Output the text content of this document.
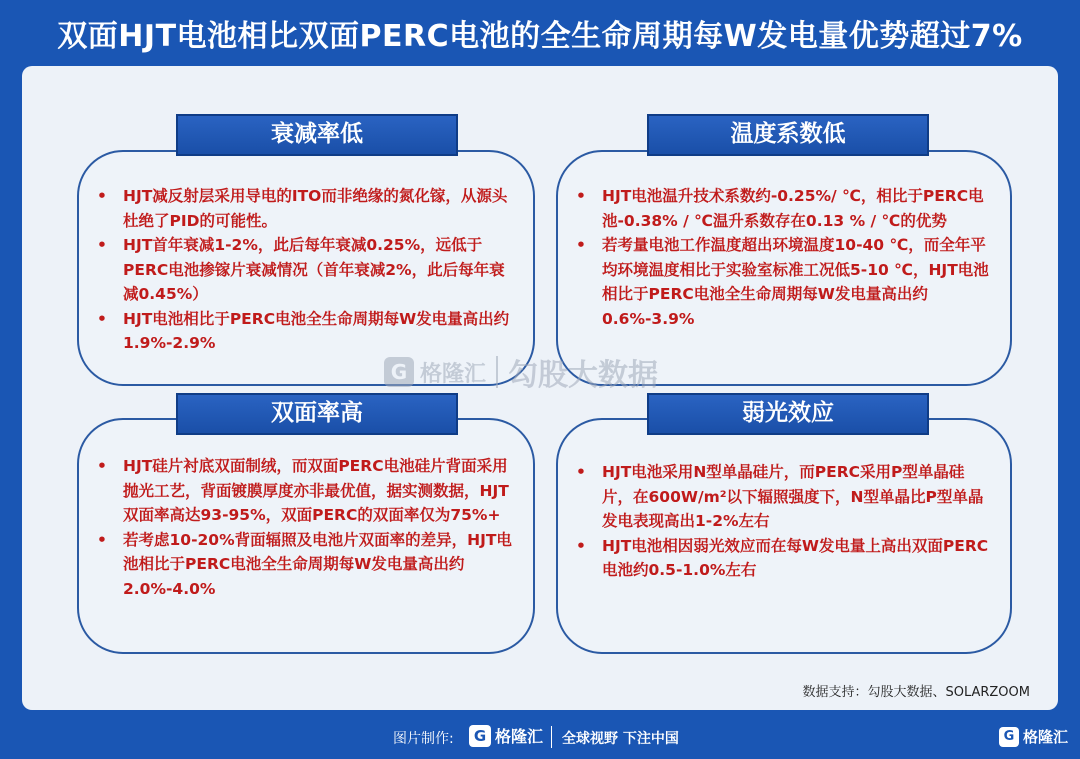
双面HJT电池相比双面PERC电池的全生命周期每W发电量优势超过7%
• HJT减反射层采用导电的ITO而非绝缘的氮化镓，从源头杜绝了PID的可能性。
• HJT首年衰减1-2%，此后每年衰减0.25%，远低于PERC电池掺镓片衰减情况（首年衰减2%，此后每年衰减0.45%）
• HJT电池相比于PERC电池全生命周期每W发电量高出约1.9%-2.9%
衰减率低
• HJT电池温升技术系数约-0.25%/ ℃，相比于PERC电池-0.38% / ℃温升系数存在0.13 % / ℃的优势
• 若考量电池工作温度超出环境温度10-40 ℃，而全年平均环境温度相比于实验室标准工况低5-10 ℃，HJT电池相比于PERC电池全生命周期每W发电量高出约0.6%-3.9%
温度系数低
• HJT硅片衬底双面制绒，而双面PERC电池硅片背面采用抛光工艺，背面镀膜厚度亦非最优值，据实测数据，HJT双面率高达93-95%，双面PERC的双面率仅为75%+
• 若考虑10-20%背面辐照及电池片双面率的差异，HJT电池相比于PERC电池全生命周期每W发电量高出约2.0%-4.0%
双面率高
• HJT电池采用N型单晶硅片，而PERC采用P型单晶硅片，在600W/m²以下辐照强度下，N型单晶比P型单晶发电表现高出1-2%左右
• HJT电池相因弱光效应而在每W发电量上高出双面PERC电池约0.5-1.0%左右
弱光效应
G 格隆汇 勾股大数据
数据支持：勾股大数据、SOLARZOOM
图片制作:	G 格隆汇 全球视野 下注中国	G 格隆汇
